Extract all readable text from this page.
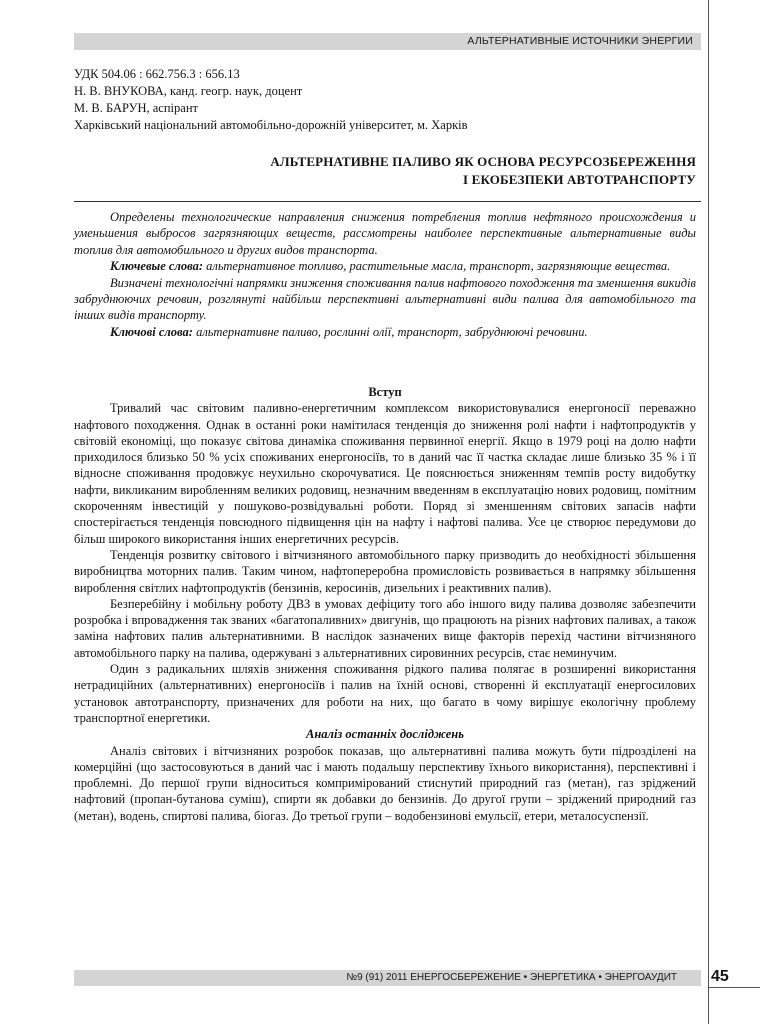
АЛЬТЕРНАТИВНЫЕ ИСТОЧНИКИ ЭНЕРГИИ
УДК 504.06 : 662.756.3 : 656.13
Н. В. ВНУКОВА, канд. геогр. наук, доцент
М. В. БАРУН, аспірант
Харківський національний автомобільно-дорожній університет, м. Харків
АЛЬТЕРНАТИВНЕ ПАЛИВО ЯК ОСНОВА РЕСУРСОЗБЕРЕЖЕННЯ
І ЕКОБЕЗПЕКИ АВТОТРАНСПОРТУ

Определены технологические направления снижения потребления топлив нефтяного происхождения и уменьшения выбросов загрязняющих веществ, рассмотрены наиболее перспективные альтернативные виды топлив для автомобильного и других видов транспорта.

Ключевые слова: альтернативное топливо, растительные масла, транспорт, загрязняющие вещества.

Визначені технологічні напрямки зниження споживання палив нафтового походження та зменшення викидів забруднюючих речовин, розглянуті найбільш перспективні альтернативні види палива для автомобільного та інших видів транспорту.

Ключові слова: альтернативне паливо, рослинні олії, транспорт, забруднюючі речовини.

Вступ

Тривалий час світовим паливно-енергетичним комплексом використовувалися енергоносії переважно нафтового походження. Однак в останні роки намітилася тенденція до зниження ролі нафти і нафтопродуктів у світовій економіці, що показує світова динаміка споживання первинної енергії. Якщо в 1979 році на долю нафти приходилося близько 50 % усіх споживаних енергоносіїв, то в даний час її частка складає лише близько 35 % і її відносне споживання продовжує неухильно скорочуватися. Це пояснюється зниженням темпів росту видобутку нафти, викликаним виробленням великих родовищ, незначним введенням в експлуатацію нових родовищ, помітним скороченням інвестицій у пошуково-розвідувальні роботи. Поряд зі зменшенням світових запасів нафти спостерігається тенденція повсюдного підвищення цін на нафту і нафтові палива. Усе це створює передумови до більш широкого використання інших енергетичних ресурсів.

Тенденція розвитку світового і вітчизняного автомобільного парку призводить до необхідності збільшення виробництва моторних палив. Таким чином, нафтопереробна промисловість розвивається в напрямку збільшення вироблення світлих нафтопродуктів (бензинів, керосинів, дизельних і реактивних палив).

Безперебійну і мобільну роботу ДВЗ в умовах дефіциту того або іншого виду палива дозволяє забезпечити розробка і впровадження так званих «багатопаливних» двигунів, що працюють на різних нафтових паливах, а також заміна нафтових палив альтернативними. В наслідок зазначених вище факторів перехід частини вітчизняного автомобільного парку на палива, одержувані з альтернативних сировинних ресурсів, стає неминучим.

Один з радикальних шляхів зниження споживання рідкого палива полягає в розширенні використання нетрадиційних (альтернативних) енергоносіїв і палив на їхній основі, створенні й експлуатації енергосилових установок автотранспорту, призначених для роботи на них, що багато в чому вирішує екологічну проблему транспортної енергетики.

Аналіз останніх досліджень

Аналіз світових і вітчизняних розробок показав, що альтернативні палива можуть бути підрозділені на комерційні (що застосовуються в даний час і мають подальшу перспективу їхнього використання), перспективні і проблемні. До першої групи відноситься компримірований стиснутий природний газ (метан), газ зріджений нафтовий (пропан-бутанова суміш), спирти як добавки до бензинів. До другої групи – зріджений природний газ (метан), водень, спиртові палива, біогаз. До третьої групи – водобензинові емульсії, етери, металосуспензії.

№9 (91) 2011 ЕНЕРГОСБЕРЕЖЕНИЕ • ЭНЕРГЕТИКА • ЭНЕРГОАУДИТ	45
